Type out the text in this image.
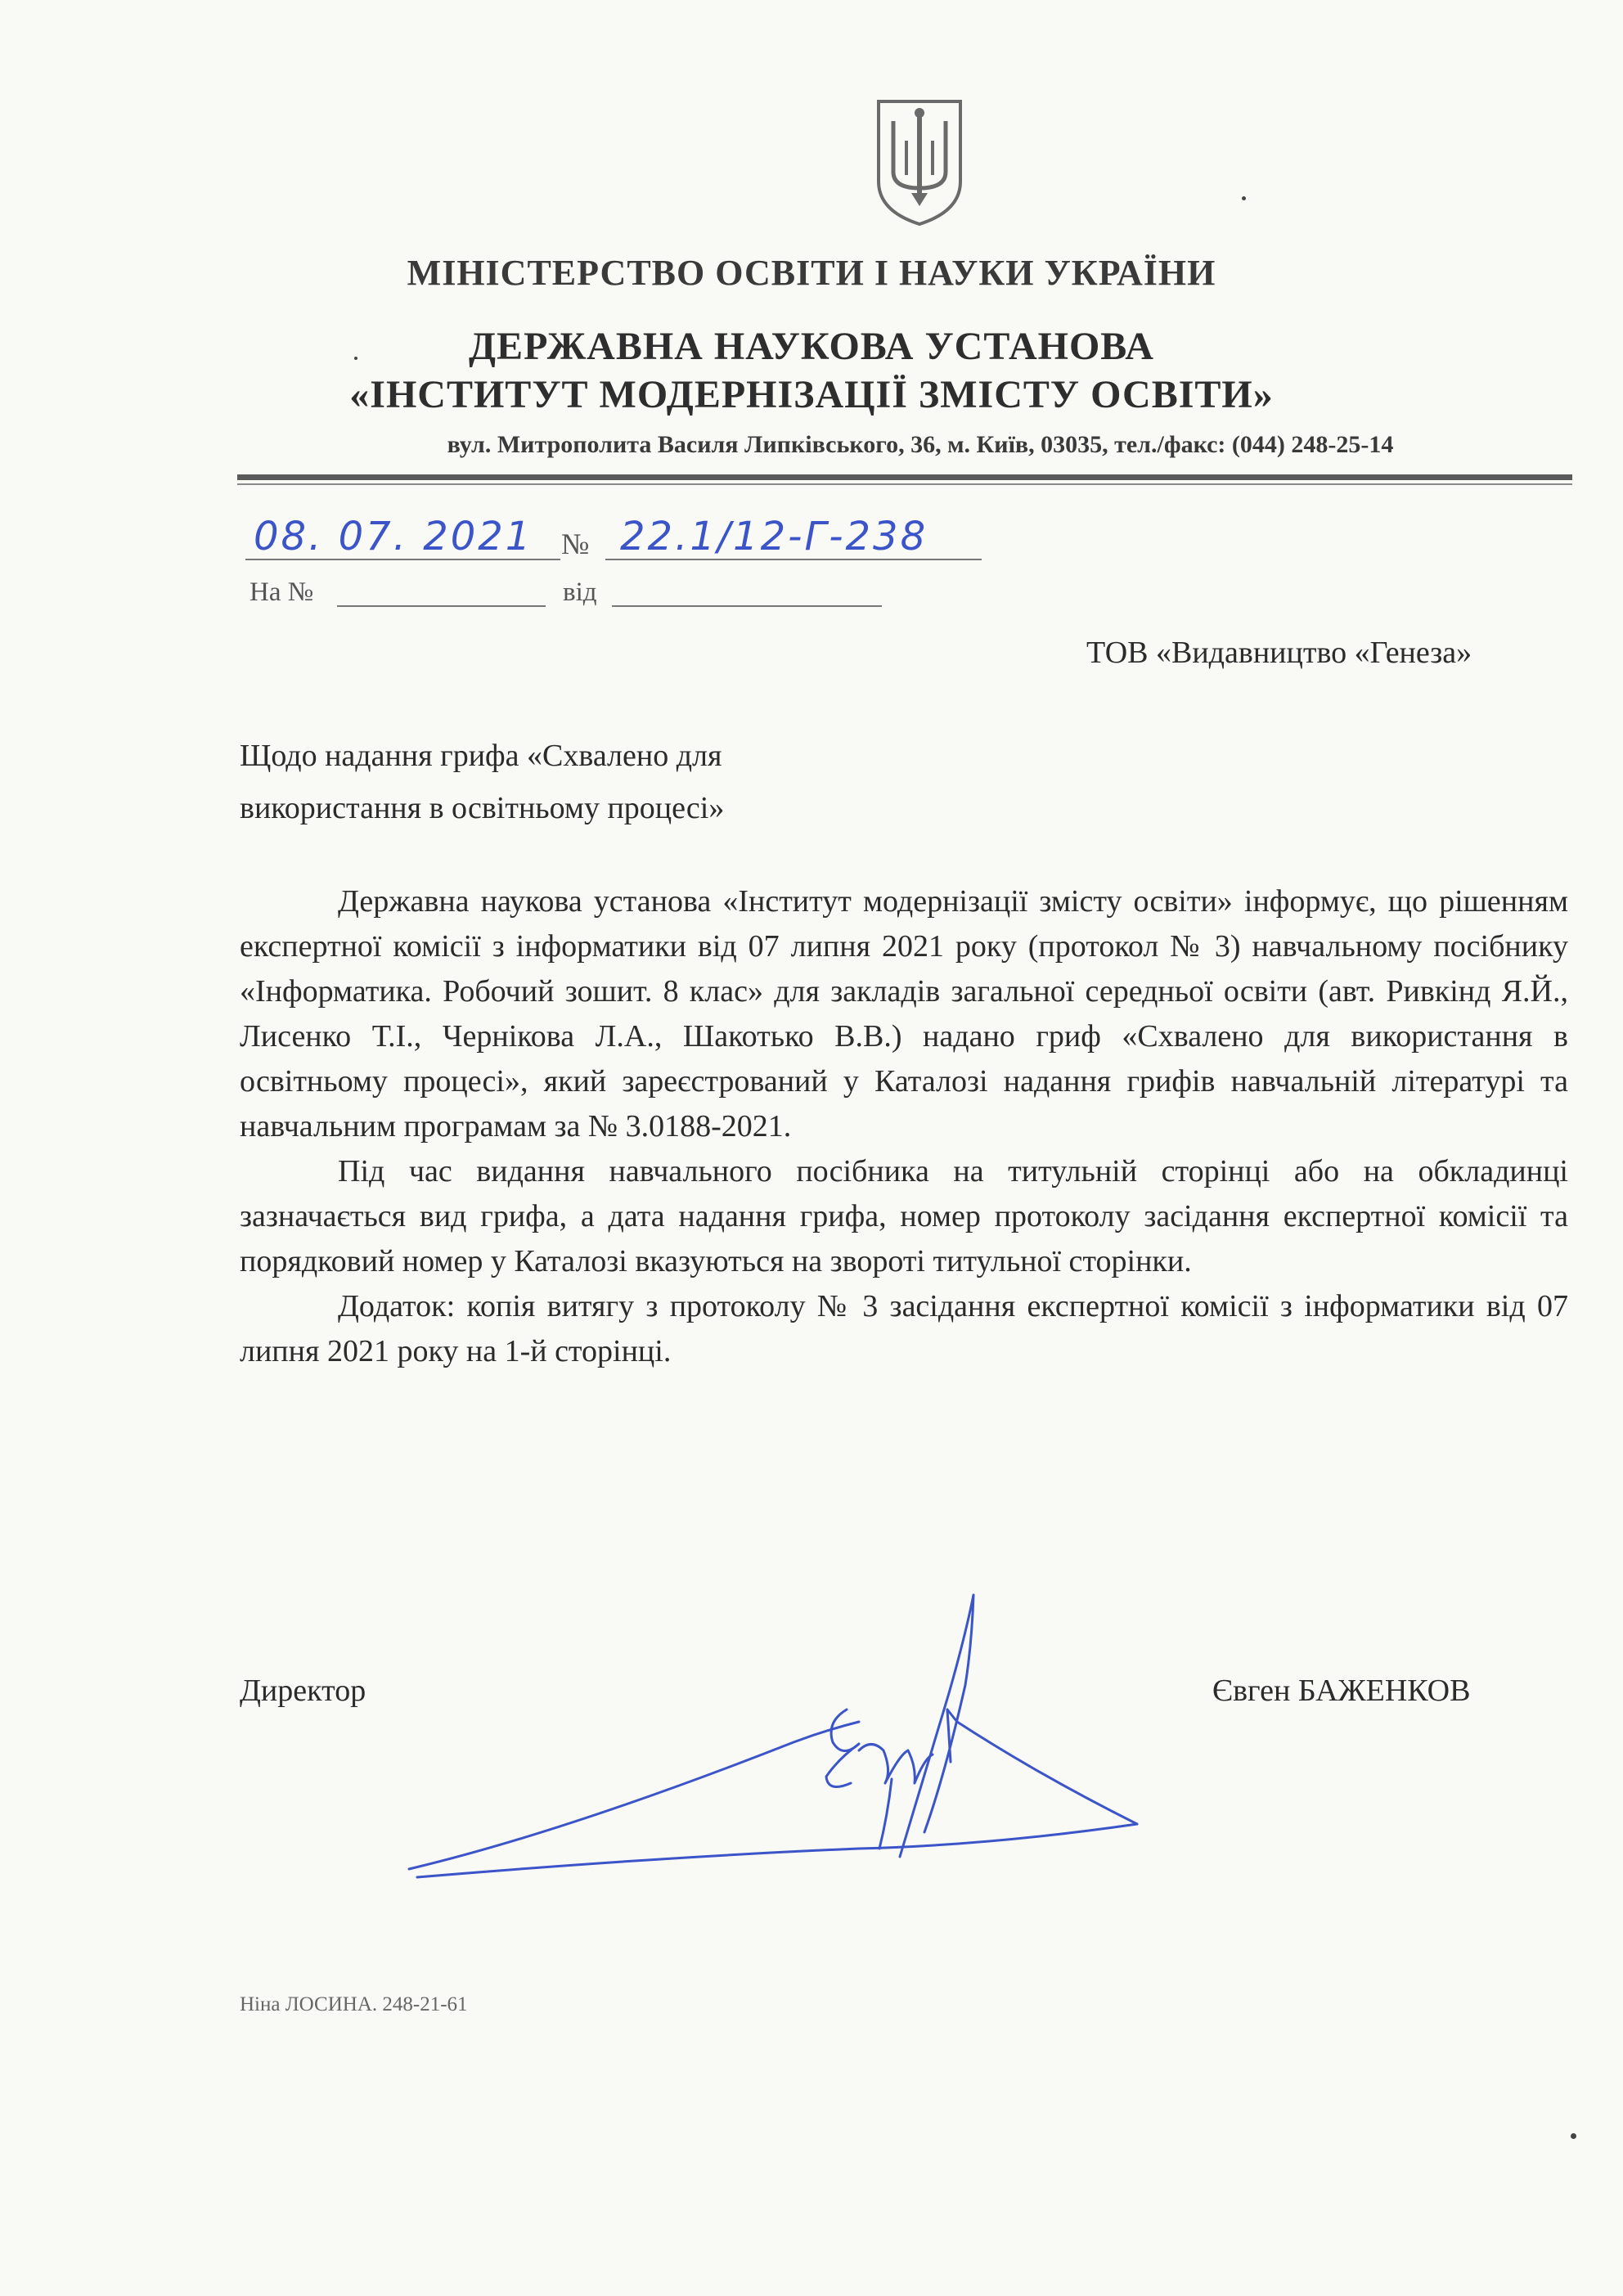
МІНІСТЕРСТВО ОСВІТИ І НАУКИ УКРАЇНИ
ДЕРЖАВНА НАУКОВА УСТАНОВА
«ІНСТИТУТ МОДЕРНІЗАЦІЇ ЗМІСТУ ОСВІТИ»
вул. Митрополита Василя Липківського, 36, м. Київ, 03035, тел./факс: (044) 248-25-14
08. 07. 2021 № 22.1/12-Г-238
На №	від
ТОВ «Видавництво «Генеза»
Щодо надання грифа «Схвалено для
використання в освітньому процесі»

Державна наукова установа «Інститут модернізації змісту освіти» інформує, що рішенням експертної комісії з інформатики від 07 липня 2021 року (протокол № 3) навчальному посібнику «Інформатика. Робочий зошит. 8 клас» для закладів загальної середньої освіти (авт. Ривкінд Я.Й., Лисенко Т.І., Чернікова Л.А., Шакотько В.В.) надано гриф «Схвалено для використання в освітньому процесі», який зареєстрований у Каталозі надання грифів навчальній літературі та навчальним програмам за № 3.0188-2021.

Під час видання навчального посібника на титульній сторінці або на обкладинці зазначається вид грифа, а дата надання грифа, номер протоколу засідання експертної комісії та порядковий номер у Каталозі вказуються на звороті титульної сторінки.

Додаток: копія витягу з протоколу № 3 засідання експертної комісії з інформатики від 07 липня 2021 року на 1-й сторінці.

Директор	Євген БАЖЕНКОВ
Ніна ЛОСИНА. 248-21-61
